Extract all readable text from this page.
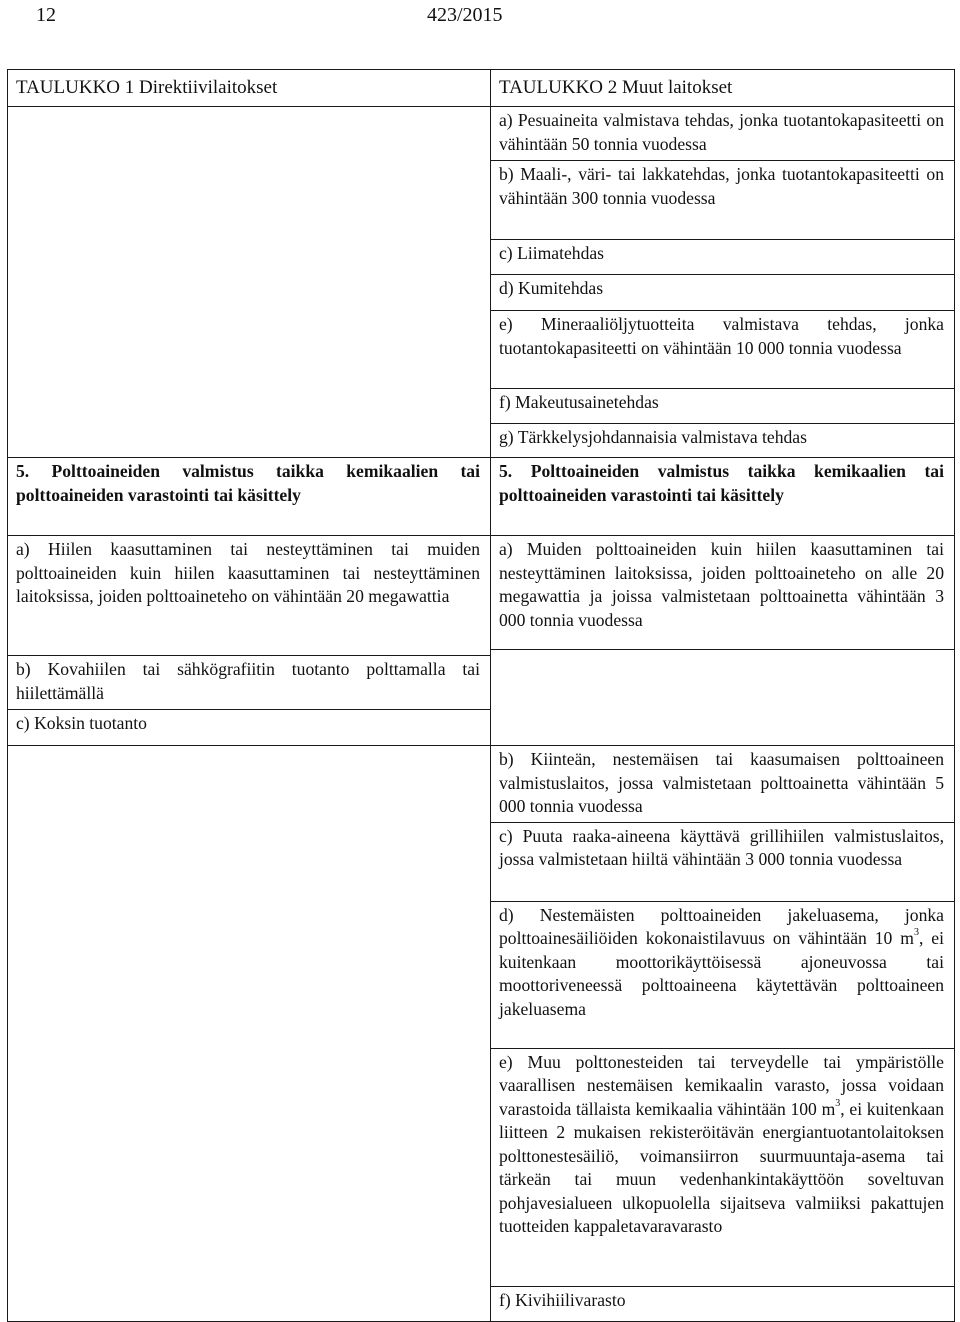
12	423/2015
TAULUKKO 1 Direktiivilaitokset	TAULUKKO 2 Muut laitokset
	a) Pesuaineita valmistava tehdas, jonka tuotantokapasiteetti on vähintään 50 tonnia vuodessa
	b) Maali-, väri- tai lakkatehdas, jonka tuotantokapasiteetti on vähintään 300 tonnia vuodessa
	c) Liimatehdas
	d) Kumitehdas
	e) Mineraaliöljytuotteita valmistava tehdas, jonka tuotantokapasiteetti on vähintään 10 000 tonnia vuodessa
	f) Makeutusainetehdas
	g) Tärkkelysjohdannaisia valmistava tehdas
5. Polttoaineiden valmistus taikka kemikaalien tai polttoaineiden varastointi tai käsittely	5. Polttoaineiden valmistus taikka kemikaalien tai polttoaineiden varastointi tai käsittely
a) Hiilen kaasuttaminen tai nesteyttäminen tai muiden polttoaineiden kuin hiilen kaasuttaminen tai nesteyttäminen laitoksissa, joiden polttoaineteho on vähintään 20 megawattia	a) Muiden polttoaineiden kuin hiilen kaasuttaminen tai nesteyttäminen laitoksissa, joiden polttoaineteho on alle 20 megawattia ja joissa valmistetaan polttoainetta vähintään 3 000 tonnia vuodessa

b) Kovahiilen tai sähkögrafiitin tuotanto polttamalla tai hiilettämällä	
c) Koksin tuotanto	
	b) Kiinteän, nestemäisen tai kaasumaisen polttoaineen valmistuslaitos, jossa valmistetaan polttoainetta vähintään 5 000 tonnia vuodessa
	c) Puuta raaka-aineena käyttävä grillihiilen valmistuslaitos, jossa valmistetaan hiiltä vähintään 3 000 tonnia vuodessa
	d) Nestemäisten polttoaineiden jakeluasema, jonka polttoainesäiliöiden kokonaistilavuus on vähintään 10 $m^3$, ei kuitenkaan moottorikäyttöisessä ajoneuvossa tai moottoriveneessä polttoaineena käytettävän polttoaineen jakeluasema
	e) Muu polttonesteiden tai terveydelle tai ympäristölle vaarallisen nestemäisen kemikaalin varasto, jossa voidaan varastoida tällaista kemikaalia vähintään 100 $m^3$, ei kuitenkaan liitteen 2 mukaisen rekisteröitävän energiantuotantolaitoksen polttonestesäiliö, voimansiirron suurmuuntaja-asema tai tärkeän tai muun vedenhankintakäyttöön soveltuvan pohjavesialueen ulkopuolella sijaitseva valmiiksi pakattujen tuotteiden kappaletavaravarasto
	f) Kivihiilivarasto
